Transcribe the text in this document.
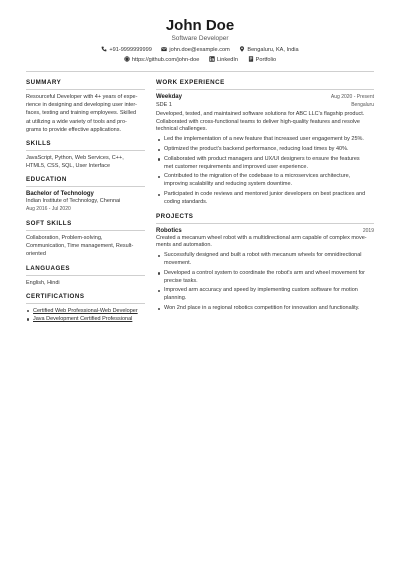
John Doe
Software Developer
+91-9999999999	john.doe@example.com	Bengaluru, KA, India
https://github.com/john-doe	LinkedIn	Portfolio
SUMMARY
Resourceful Developer with 4+ years of expe-
rience in designing and developing user inter-
faces, testing and training employees. Skilled
at utilizing a wide variety of tools and pro-
grams to provide effective applications.
SKILLS
JavaScript, Python, Web Services, C++,
HTML5, CSS, SQL, User Interface
EDUCATION
Bachelor of Technology
Indian Institute of Technology, Chennai
Aug 2016 - Jul 2020
SOFT SKILLS
Collaboration, Problem-solving,
Communication, Time management, Result-
oriented
LANGUAGES
English, Hindi
CERTIFICATIONS
Certified Web Professional-Web Developer
Java Development Certified Professional
WORK EXPERIENCE
Weekday	Aug 2020 - Present
SDE 1	Bengaluru
Developed, tested, and maintained software solutions for ABC LLC's flagship product.
Collaborated with cross-functional teams to deliver high-quality features and resolve
technical challenges.
Led the implementation of a new feature that increased user engagement by 25%.
Optimized the product's backend performance, reducing load times by 40%.
Collaborated with product managers and UX/UI designers to ensure the features
met customer requirements and improved user experience.
Contributed to the migration of the codebase to a microservices architecture,
improving scalability and reducing system downtime.
Participated in code reviews and mentored junior developers on best practices and
coding standards.
PROJECTS
Robotics	2019
Created a mecanum wheel robot with a multidirectional arm capable of complex move-
ments and automation.
Successfully designed and built a robot with mecanum wheels for omnidirectional
movement.
Developed a control system to coordinate the robot's arm and wheel movement for
precise tasks.
Improved arm accuracy and speed by implementing custom software for motion
planning.
Won 2nd place in a regional robotics competition for innovation and functionality.
